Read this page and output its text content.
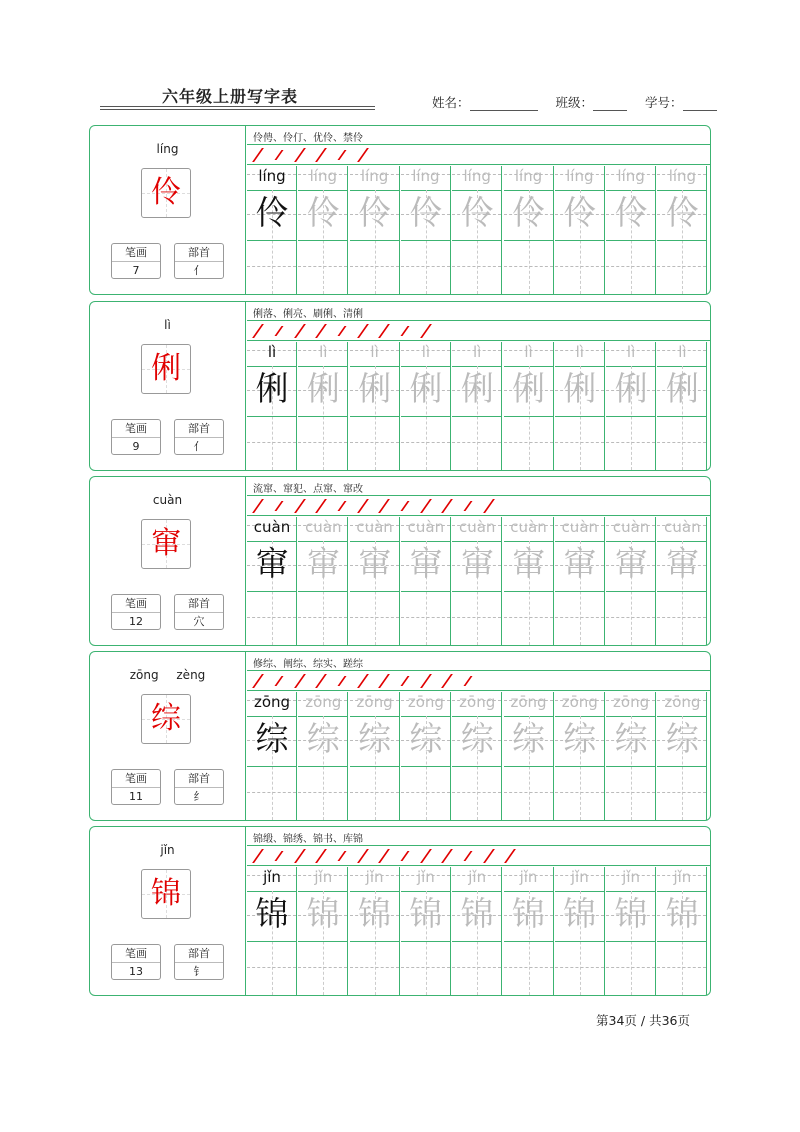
六年级上册写字表	姓名：	班级：	学号：
líng
伶
笔画
7
部首
亻
伶俜、伶仃、优伶、禁伶
líng
伶
líng
伶
líng
伶
líng
伶
líng
伶
líng
伶
líng
伶
líng
伶
líng
伶
lì
俐
笔画
9
部首
亻
俐落、俐亮、刷俐、清俐
lì
俐
lì
俐
lì
俐
lì
俐
lì
俐
lì
俐
lì
俐
lì
俐
lì
俐
cuàn
窜
笔画
12
部首
穴
流窜、窜犯、点窜、窜改
cuàn
窜
cuàn
窜
cuàn
窜
cuàn
窜
cuàn
窜
cuàn
窜
cuàn
窜
cuàn
窜
cuàn
窜
zōng zèng
综
笔画
11
部首
纟
修综、阐综、综实、蹉综
zōng
综
zōng
综
zōng
综
zōng
综
zōng
综
zōng
综
zōng
综
zōng
综
zōng
综
jǐn
锦
笔画
13
部首
钅
锦缎、锦绣、锦书、库锦
jǐn
锦
jǐn
锦
jǐn
锦
jǐn
锦
jǐn
锦
jǐn
锦
jǐn
锦
jǐn
锦
jǐn
锦
第34页 / 共36页
